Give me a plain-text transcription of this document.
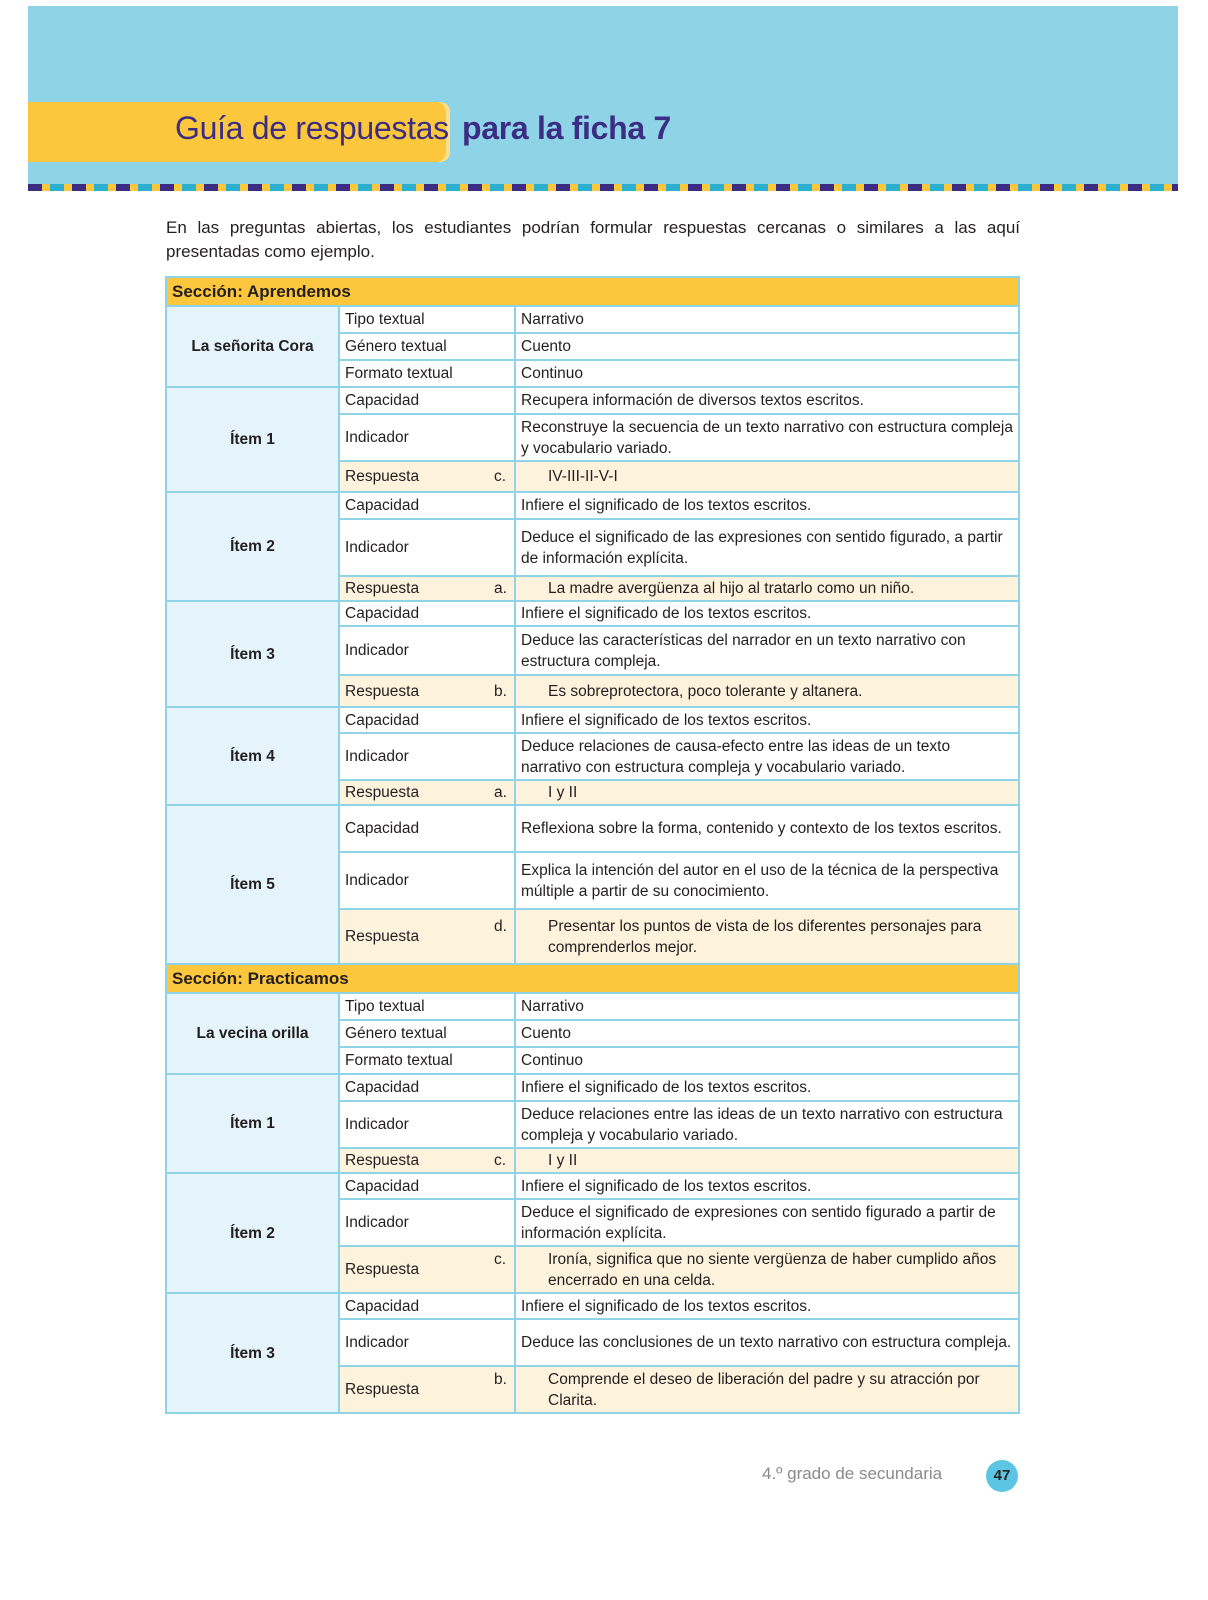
Guía de respuestas para la ficha 7

En las preguntas abiertas, los estudiantes podrían formular respuestas cercanas o similares a las aquí presentadas como ejemplo.

Sección: Aprendemos		
La señorita Cora	Tipo textual	Narrativo
	Género textual	Cuento
	Formato textual	Continuo
Ítem 1	Capacidad	Recupera información de diversos textos escritos.
	Indicador	Reconstruye la secuencia de un texto narrativo con estructura compleja y vocabulario variado.
	Respuesta	c. IV-III-II-V-I

Ítem 2	Capacidad	Infiere el significado de los textos escritos.
	Indicador	Deduce el significado de las expresiones con sentido figurado, a partir de información explícita.
	Respuesta	a. La madre avergüenza al hijo al tratarlo como un niño.

Ítem 3	Capacidad	Infiere el significado de los textos escritos.
	Indicador	Deduce las características del narrador en un texto narrativo con estructura compleja.
	Respuesta	b. Es sobreprotectora, poco tolerante y altanera.

Ítem 4	Capacidad	Infiere el significado de los textos escritos.
	Indicador	Deduce relaciones de causa-efecto entre las ideas de un texto narrativo con estructura compleja y vocabulario variado.
	Respuesta	a. I y II

Ítem 5	Capacidad	Reflexiona sobre la forma, contenido y contexto de los textos escritos.
	Indicador	Explica la intención del autor en el uso de la técnica de la perspectiva múltiple a partir de su conocimiento.
	Respuesta	d. Presentar los puntos de vista de los diferentes personajes para comprenderlos mejor.

Sección: Practicamos		
La vecina orilla	Tipo textual	Narrativo
	Género textual	Cuento
	Formato textual	Continuo
Ítem 1	Capacidad	Infiere el significado de los textos escritos.
	Indicador	Deduce relaciones entre las ideas de un texto narrativo con estructura compleja y vocabulario variado.
	Respuesta	c. I y II

Ítem 2	Capacidad	Infiere el significado de los textos escritos.
	Indicador	Deduce el significado de expresiones con sentido figurado a partir de información explícita.
	Respuesta	c. Ironía, significa que no siente vergüenza de haber cumplido años encerrado en una celda.

Ítem 3	Capacidad	Infiere el significado de los textos escritos.
	Indicador	Deduce las conclusiones de un texto narrativo con estructura compleja.
	Respuesta	b. Comprende el deseo de liberación del padre y su atracción por Clarita.
4.º grado de secundaria	47
